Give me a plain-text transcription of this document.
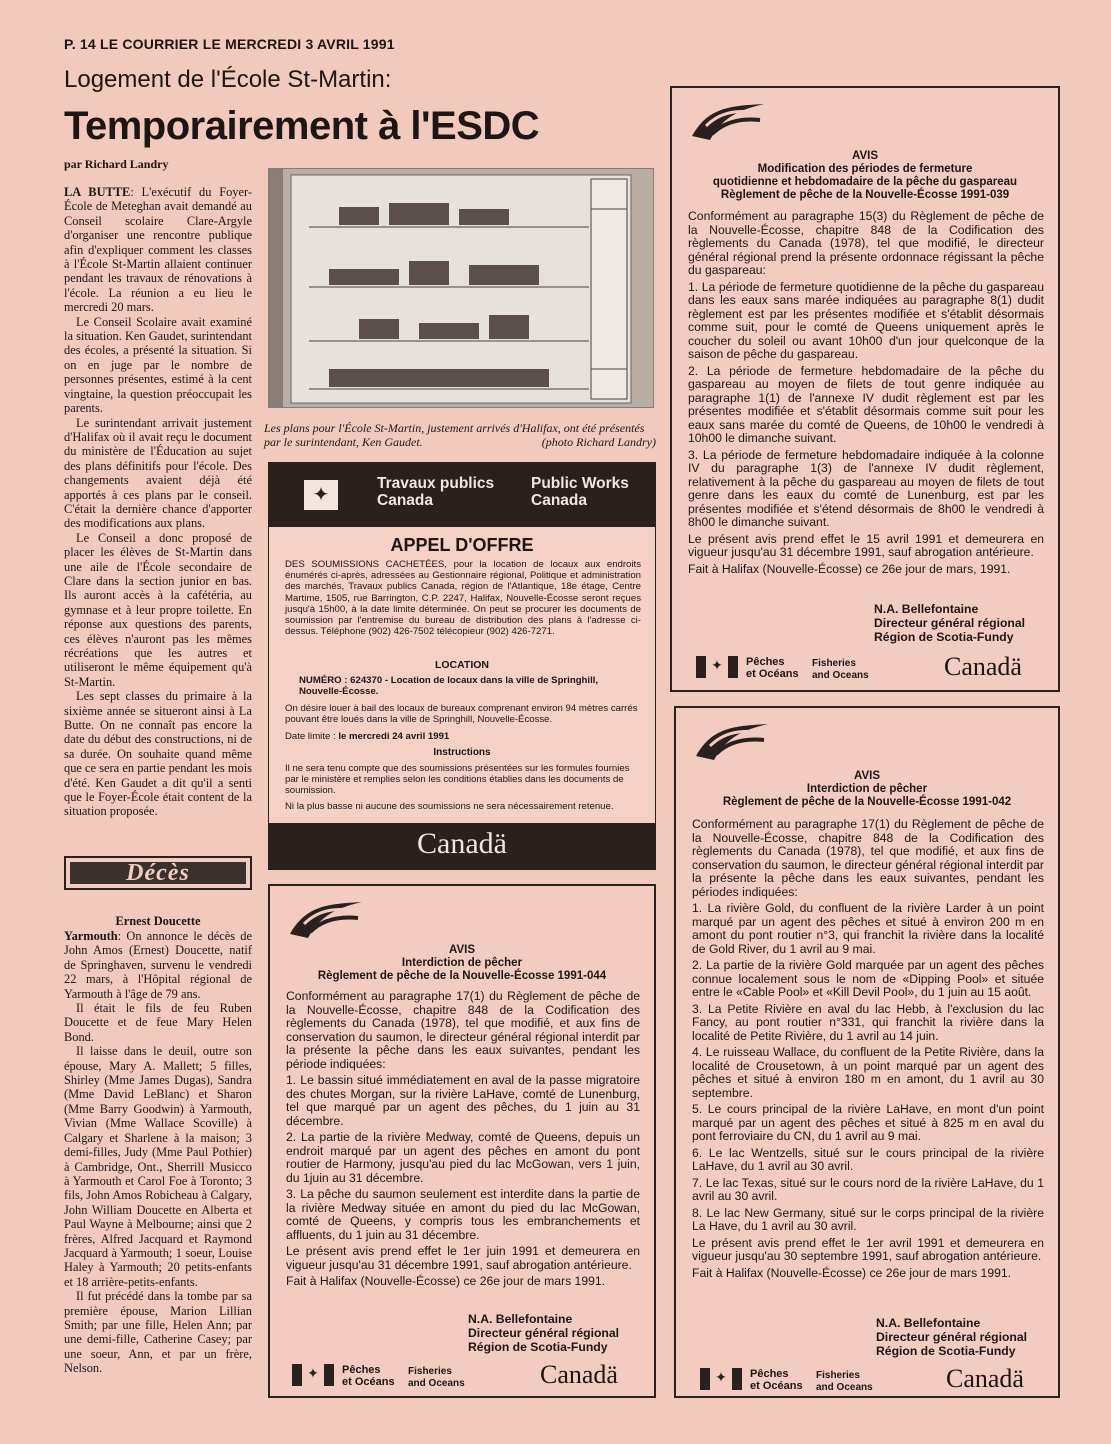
P. 14 LE COURRIER LE MERCREDI 3 AVRIL 1991
Logement de l'École St-Martin:
Temporairement à l'ESDC
par Richard Landry

LA BUTTE: L'exécutif du Foyer-École de Meteghan avait demandé au Conseil scolaire Clare-Argyle d'organiser une rencontre publique afin d'expliquer comment les classes à l'École St-Martin allaient continuer pendant les travaux de rénovations à l'école. La réunion a eu lieu le mercredi 20 mars.

Le Conseil Scolaire avait examiné la situation. Ken Gaudet, surintendant des écoles, a présenté la situation. Si on en juge par le nombre de personnes présentes, estimé à la cent vingtaine, la question préoccupait les parents.

Le surintendant arrivait justement d'Halifax où il avait reçu le document du ministère de l'Éducation au sujet des plans définitifs pour l'école. Des changements avaient déjà été apportés à ces plans par le conseil. C'était la dernière chance d'apporter des modifications aux plans.

Le Conseil a donc proposé de placer les élèves de St-Martin dans une aile de l'École secondaire de Clare dans la section junior en bas. Ils auront accès à la cafétéria, au gymnase et à leur propre toilette. En réponse aux questions des parents, ces élèves n'auront pas les mêmes récréations que les autres et utiliseront le même équipement qu'à St-Martin.

Les sept classes du primaire à la sixième année se situeront ainsi à La Butte. On ne connaît pas encore la date du début des constructions, ni de sa durée. On souhaite quand même que ce sera en partie pendant les mois d'été. Ken Gaudet a dit qu'il a senti que le Foyer-École était content de la situation proposée.

Les plans pour l'École St-Martin, justement arrivés d'Halifax, ont été présentés par le surintendant, Ken Gaudet.	(photo Richard Landry)
✦
Travaux publics Canada
Public Works Canada
APPEL D'OFFRE
DES SOUMISSIONS CACHETÉES, pour la location de locaux aux endroits énumérés ci-après, adressées au Gestionnaire régional, Politique et administration des marchés, Travaux publics Canada, région de l'Atlantique, 18e étage, Centre Martime, 1505, rue Barrington, C.P. 2247, Halifax, Nouvelle-Écosse seront reçues jusqu'à 15h00, à la date limite déterminée. On peut se procurer les documents de soumission par l'entremise du bureau de distribution des plans à l'adresse ci-dessus. Téléphone (902) 426-7502 télécopieur (902) 426-7271.
LOCATION
NUMÉRO : 624370 - Location de locaux dans la ville de Springhill, Nouvelle-Écosse.
On désire louer à bail des locaux de bureaux comprenant environ 94 mètres carrés pouvant être loués dans la ville de Springhill, Nouvelle-Écosse.
Date limite : le mercredi 24 avril 1991
Instructions
Il ne sera tenu compte que des soumissions présentées sur les formules fournies par le ministère et remplies selon les conditions établies dans les documents de soumission.
Ni la plus basse ni aucune des soumissions ne sera nécessairement retenue.
Canadä
Décès
Ernest Doucette

Yarmouth: On annonce le décès de John Amos (Ernest) Doucette, natif de Springhaven, survenu le vendredi 22 mars, à l'Hôpital régional de Yarmouth à l'âge de 79 ans.

Il était le fils de feu Ruben Doucette et de feue Mary Helen Bond.

Il laisse dans le deuil, outre son épouse, Mary A. Mallett; 5 filles, Shirley (Mme James Dugas), Sandra (Mme David LeBlanc) et Sharon (Mme Barry Goodwin) à Yarmouth, Vivian (Mme Wallace Scoville) à Calgary et Sharlene à la maison; 3 demi-filles, Judy (Mme Paul Pothier) à Cambridge, Ont., Sherrill Musicco à Yarmouth et Carol Foe à Toronto; 3 fils, John Amos Robicheau à Calgary, John William Doucette en Alberta et Paul Wayne à Melbourne; ainsi que 2 frères, Alfred Jacquard et Raymond Jacquard à Yarmouth; 1 soeur, Louise Haley à Yarmouth; 20 petits-enfants et 18 arrière-petits-enfants.

Il fut précédé dans la tombe par sa première épouse, Marion Lillian Smith; par une fille, Helen Ann; par une demi-fille, Catherine Casey; par une soeur, Ann, et par un frère, Nelson.

AVIS
Interdiction de pêcher
Règlement de pêche de la Nouvelle-Écosse 1991-044

Conformément au paragraphe 17(1) du Règlement de pêche de la Nouvelle-Écosse, chapitre 848 de la Codification des règlements du Canada (1978), tel que modifié, et aux fins de conservation du saumon, le directeur général régional interdit par la présente la pêche dans les eaux suivantes, pendant les période indiquées:

1. Le bassin situé immédiatement en aval de la passe migratoire des chutes Morgan, sur la rivière LaHave, comté de Lunenburg, tel que marqué par un agent des pêches, du 1 juin au 31 décembre.

2. La partie de la rivière Medway, comté de Queens, depuis un endroit marqué par un agent des pêches en amont du pont routier de Harmony, jusqu'au pied du lac McGowan, vers 1 juin, du 1juin au 31 décembre.

3. La pêche du saumon seulement est interdite dans la partie de la rivière Medway située en amont du pied du lac McGowan, comté de Queens, y compris tous les embranchements et affluents, du 1 juin au 31 décembre.

Le présent avis prend effet le 1er juin 1991 et demeurera en vigueur jusqu'au 31 décembre 1991, sauf abrogation antérieure.

Fait à Halifax (Nouvelle-Écosse) ce 26e jour de mars 1991.

N.A. Bellefontaine
Directeur général régional
Région de Scotia-Fundy
✦ Pêches
et Océans
Fisheries
and Oceans	Canadä
AVIS
Modification des périodes de fermeture
quotidienne et hebdomadaire de la pêche du gaspareau
Règlement de pêche de la Nouvelle-Écosse 1991-039

Conformément au paragraphe 15(3) du Règlement de pêche de la Nouvelle-Écosse, chapitre 848 de la Codification des règlements du Canada (1978), tel que modifié, le directeur général régional prend la présente ordonnace régissant la pêche du gaspareau:

1. La période de fermeture quotidienne de la pêche du gaspareau dans les eaux sans marée indiquées au paragraphe 8(1) dudit règlement est par les présentes modifiée et s'établit désormais comme suit, pour le comté de Queens uniquement après le coucher du soleil ou avant 10h00 d'un jour quelconque de la saison de pêche du gaspareau.

2. La période de fermeture hebdomadaire de la pêche du gaspareau au moyen de filets de tout genre indiquée au paragraphe 1(1) de l'annexe IV dudit règlement est par les présentes modifiée et s'établit désormais comme suit pour les eaux sans marée du comté de Queens, de 10h00 le vendredi à 10h00 le dimanche suivant.

3. La période de fermeture hebdomadaire indiquée à la colonne IV du paragraphe 1(3) de l'annexe IV dudit règlement, relativement à la pêche du gaspareau au moyen de filets de tout genre dans les eaux du comté de Lunenburg, est par les présentes modifiée et s'étend désormais de 8h00 le vendredi à 8h00 le dimanche suivant.

Le présent avis prend effet le 15 avril 1991 et demeurera en vigueur jusqu'au 31 décembre 1991, sauf abrogation antérieure.

Fait à Halifax (Nouvelle-Écosse) ce 26e jour de mars, 1991.

N.A. Bellefontaine
Directeur général régional
Région de Scotia-Fundy
✦ Pêches
et Océans
Fisheries
and Oceans	Canadä
AVIS
Interdiction de pêcher
Règlement de pêche de la Nouvelle-Écosse 1991-042

Conformément au paragraphe 17(1) du Règlement de pêche de la Nouvelle-Écosse, chapitre 848 de la Codification des règlements du Canada (1978), tel que modifié, et aux fins de conservation du saumon, le directeur général régional interdit par la présente la pêche dans les eaux suivantes, pendant les périodes indiquées:

1. La rivière Gold, du confluent de la rivière Larder à un point marqué par un agent des pêches et situé à environ 200 m en amont du pont routier n°3, qui franchit la rivière dans la localité de Gold River, du 1 avril au 9 mai.

2. La partie de la rivière Gold marquée par un agent des pêches connue localement sous le nom de «Dipping Pool» et située entre le «Cable Pool» et «Kill Devil Pool», du 1 juin au 15 août.

3. La Petite Rivière en aval du lac Hebb, à l'exclusion du lac Fancy, au pont routier n°331, qui franchit la rivière dans la localité de Petite Rivière, du 1 avril au 14 juin.

4. Le ruisseau Wallace, du confluent de la Petite Rivière, dans la localité de Crousetown, à un point marqué par un agent des pêches et situé à environ 180 m en amont, du 1 avril au 30 septembre.

5. Le cours principal de la rivière LaHave, en mont d'un point marqué par un agent des pêches et situé à 825 m en aval du pont ferroviaire du CN, du 1 avril au 9 mai.

6. Le lac Wentzells, situé sur le cours principal de la rivière LaHave, du 1 avril au 30 avril.

7. Le lac Texas, situé sur le cours nord de la rivière LaHave, du 1 avril au 30 avril.

8. Le lac New Germany, situé sur le corps principal de la rivière La Have, du 1 avril au 30 avril.

Le présent avis prend effet le 1er avril 1991 et demeurera en vigueur jusqu'au 30 septembre 1991, sauf abrogation antérieure.

Fait à Halifax (Nouvelle-Écosse) ce 26e jour de mars 1991.

N.A. Bellefontaine
Directeur général régional
Région de Scotia-Fundy
✦ Pêches
et Océans
Fisheries
and Oceans	Canadä
